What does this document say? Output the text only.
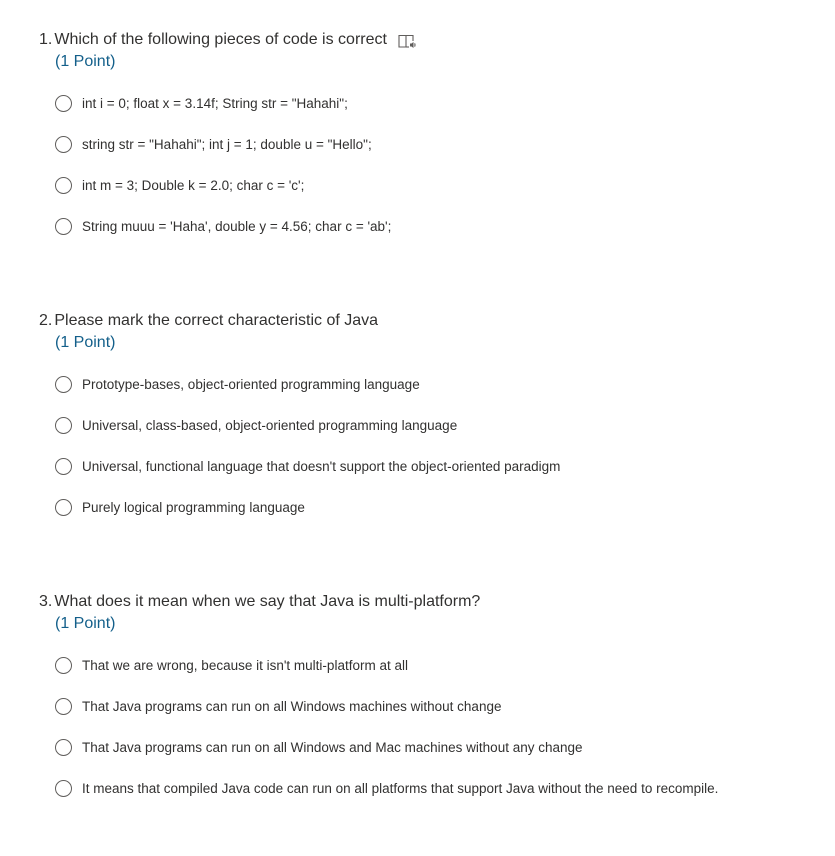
1. Which of the following pieces of code is correct
(1 Point)
int i = 0; float x = 3.14f; String str = "Hahahi";
string str = "Hahahi"; int j = 1; double u = "Hello";
int m = 3; Double k = 2.0; char c = 'c';
String muuu = 'Haha', double y = 4.56; char c = 'ab';
2. Please mark the correct characteristic of Java
(1 Point)
Prototype-bases, object-oriented programming language
Universal, class-based, object-oriented programming language
Universal, functional language that doesn't support the object-oriented paradigm
Purely logical programming language
3. What does it mean when we say that Java is multi-platform?
(1 Point)
That we are wrong, because it isn't multi-platform at all
That Java programs can run on all Windows machines without change
That Java programs can run on all Windows and Mac machines without any change
It means that compiled Java code can run on all platforms that support Java without the need to recompile.
